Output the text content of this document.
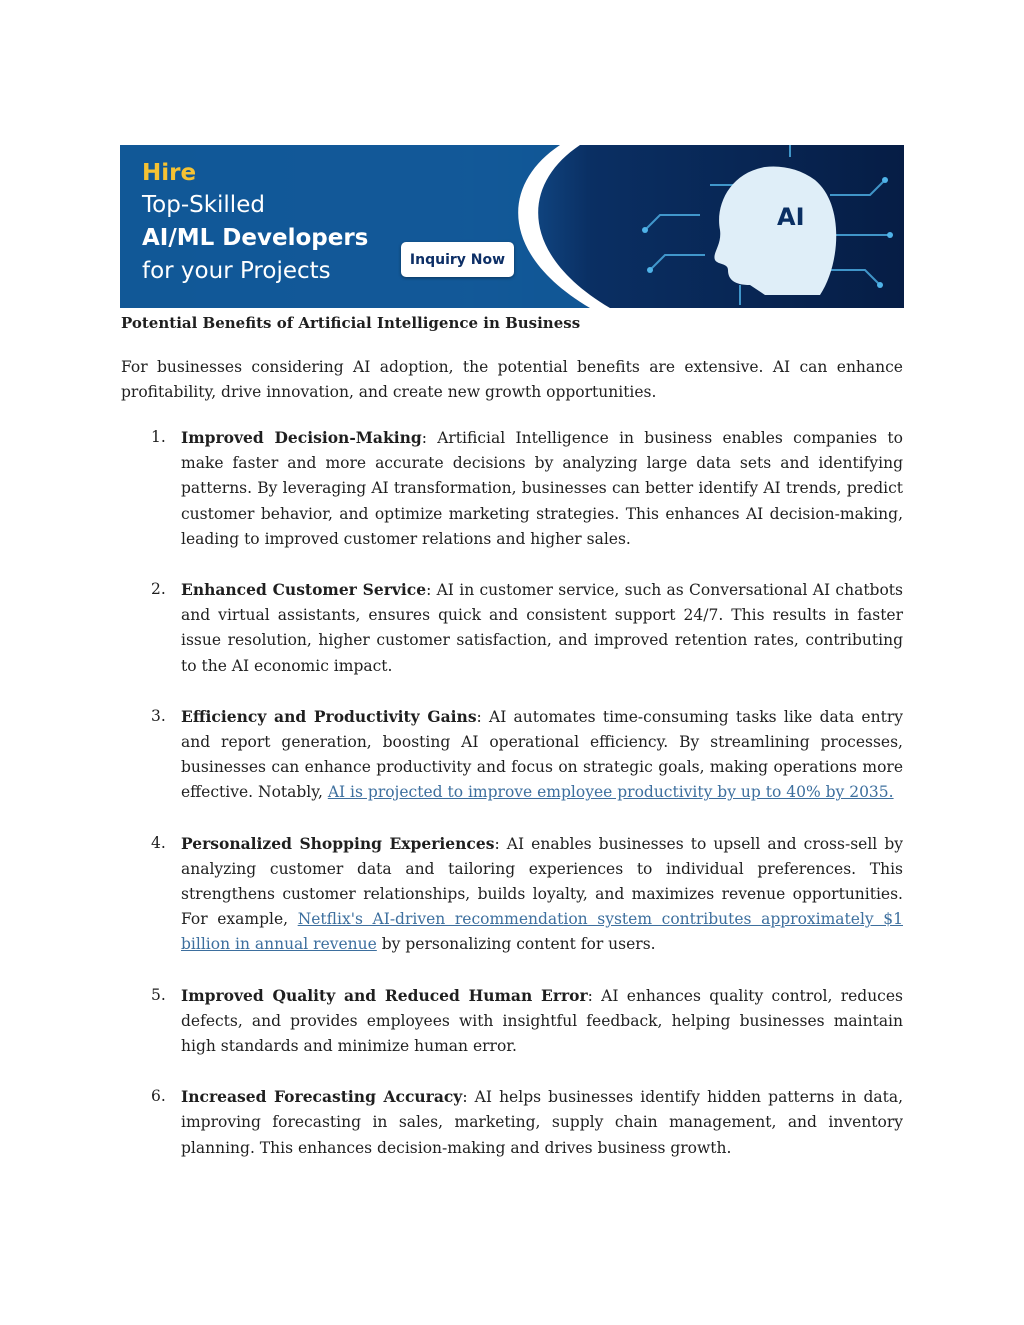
Hire
Top-Skilled
AI/ML Developers
for your Projects	Inquiry Now
AI
Potential Benefits of Artificial Intelligence in Business

For businesses considering AI adoption, the potential benefits are extensive. AI can enhance
profitability, drive innovation, and create new growth opportunities.

1. Improved Decision-Making: Artificial Intelligence in business enables companies to make faster and more accurate decisions by analyzing large data sets and identifying patterns. By leveraging AI transformation, businesses can better identify AI trends, predict customer behavior, and optimize marketing strategies. This enhances AI decision-making, leading to improved customer relations and higher sales.
2. Enhanced Customer Service: AI in customer service, such as Conversational AI chatbots and virtual assistants, ensures quick and consistent support 24/7. This results in faster issue resolution, higher customer satisfaction, and improved retention rates, contributing to the AI economic impact.
3. Efficiency and Productivity Gains: AI automates time-consuming tasks like data entry and report generation, boosting AI operational efficiency. By streamlining processes, businesses can enhance productivity and focus on strategic goals, making operations more effective. Notably, AI is projected to improve employee productivity by up to 40% by 2035.
4. Personalized Shopping Experiences: AI enables businesses to upsell and cross-sell by analyzing customer data and tailoring experiences to individual preferences. This strengthens customer relationships, builds loyalty, and maximizes revenue opportunities. For example, Netflix's AI-driven recommendation system contributes approximately $1 billion in annual revenue by personalizing content for users.
5. Improved Quality and Reduced Human Error: AI enhances quality control, reduces defects, and provides employees with insightful feedback, helping businesses maintain high standards and minimize human error.
6. Increased Forecasting Accuracy: AI helps businesses identify hidden patterns in data, improving forecasting in sales, marketing, supply chain management, and inventory planning. This enhances decision-making and drives business growth.
